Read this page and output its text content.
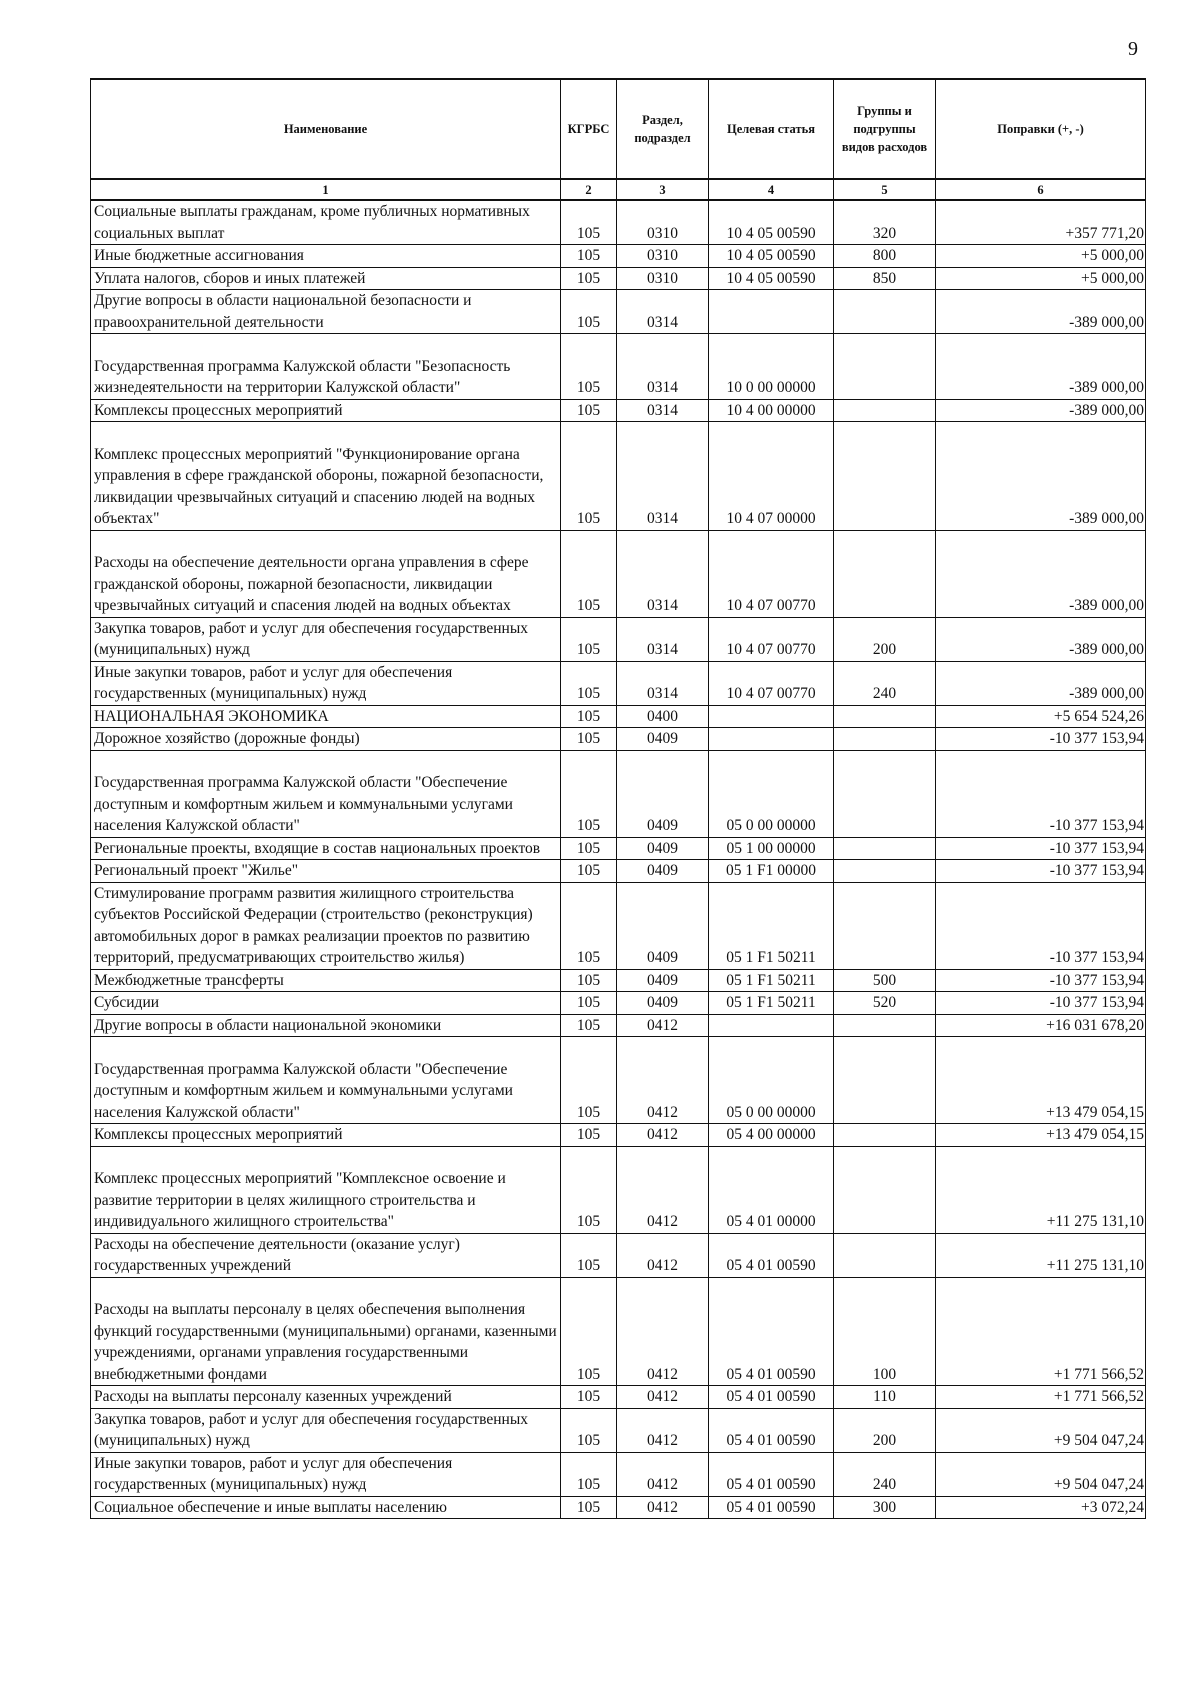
9
Наименование	КГРБС	Раздел, подраздел	Целевая статья	Группы и подгруппы видов расходов	Поправки (+, -)
1	2	3	4	5	6
Социальные выплаты гражданам, кроме публичных нормативных социальных выплат	105	0310	10 4 05 00590	320	+357 771,20
Иные бюджетные ассигнования	105	0310	10 4 05 00590	800	+5 000,00
Уплата налогов, сборов и иных платежей	105	0310	10 4 05 00590	850	+5 000,00
Другие вопросы в области национальной безопасности и правоохранительной деятельности	105	0314			-389 000,00

Государственная программа Калужской области "Безопасность жизнедеятельности на территории Калужской области"	105	0314	10 0 00 00000		-389 000,00
Комплексы процессных мероприятий	105	0314	10 4 00 00000		-389 000,00

Комплекс процессных мероприятий "Функционирование органа управления в сфере гражданской обороны, пожарной безопасности, ликвидации чрезвычайных ситуаций и спасению людей на водных объектах"	105	0314	10 4 07 00000		-389 000,00

Расходы на обеспечение деятельности органа управления в сфере гражданской обороны, пожарной безопасности, ликвидации чрезвычайных ситуаций и спасения людей на водных объектах	105	0314	10 4 07 00770		-389 000,00
Закупка товаров, работ и услуг для обеспечения государственных (муниципальных) нужд	105	0314	10 4 07 00770	200	-389 000,00
Иные закупки товаров, работ и услуг для обеспечения государственных (муниципальных) нужд	105	0314	10 4 07 00770	240	-389 000,00
НАЦИОНАЛЬНАЯ ЭКОНОМИКА	105	0400			+5 654 524,26
Дорожное хозяйство (дорожные фонды)	105	0409			-10 377 153,94

Государственная программа Калужской области "Обеспечение доступным и комфортным жильем и коммунальными услугами населения Калужской области"	105	0409	05 0 00 00000		-10 377 153,94
Региональные проекты, входящие в состав национальных проектов	105	0409	05 1 00 00000		-10 377 153,94
Региональный проект "Жилье"	105	0409	05 1 F1 00000		-10 377 153,94
Стимулирование программ развития жилищного строительства субъектов Российской Федерации (строительство (реконструкция) автомобильных дорог в рамках реализации проектов по развитию территорий, предусматривающих строительство жилья)	105	0409	05 1 F1 50211		-10 377 153,94
Межбюджетные трансферты	105	0409	05 1 F1 50211	500	-10 377 153,94
Субсидии	105	0409	05 1 F1 50211	520	-10 377 153,94
Другие вопросы в области национальной экономики	105	0412			+16 031 678,20

Государственная программа Калужской области "Обеспечение доступным и комфортным жильем и коммунальными услугами населения Калужской области"	105	0412	05 0 00 00000		+13 479 054,15
Комплексы процессных мероприятий	105	0412	05 4 00 00000		+13 479 054,15

Комплекс процессных мероприятий "Комплексное освоение и развитие территории в целях жилищного строительства и индивидуального жилищного строительства"	105	0412	05 4 01 00000		+11 275 131,10
Расходы на обеспечение деятельности (оказание услуг) государственных учреждений	105	0412	05 4 01 00590		+11 275 131,10

Расходы на выплаты персоналу в целях обеспечения выполнения функций государственными (муниципальными) органами, казенными учреждениями, органами управления государственными внебюджетными фондами	105	0412	05 4 01 00590	100	+1 771 566,52
Расходы на выплаты персоналу казенных учреждений	105	0412	05 4 01 00590	110	+1 771 566,52
Закупка товаров, работ и услуг для обеспечения государственных (муниципальных) нужд	105	0412	05 4 01 00590	200	+9 504 047,24
Иные закупки товаров, работ и услуг для обеспечения государственных (муниципальных) нужд	105	0412	05 4 01 00590	240	+9 504 047,24
Социальное обеспечение и иные выплаты населению	105	0412	05 4 01 00590	300	+3 072,24
